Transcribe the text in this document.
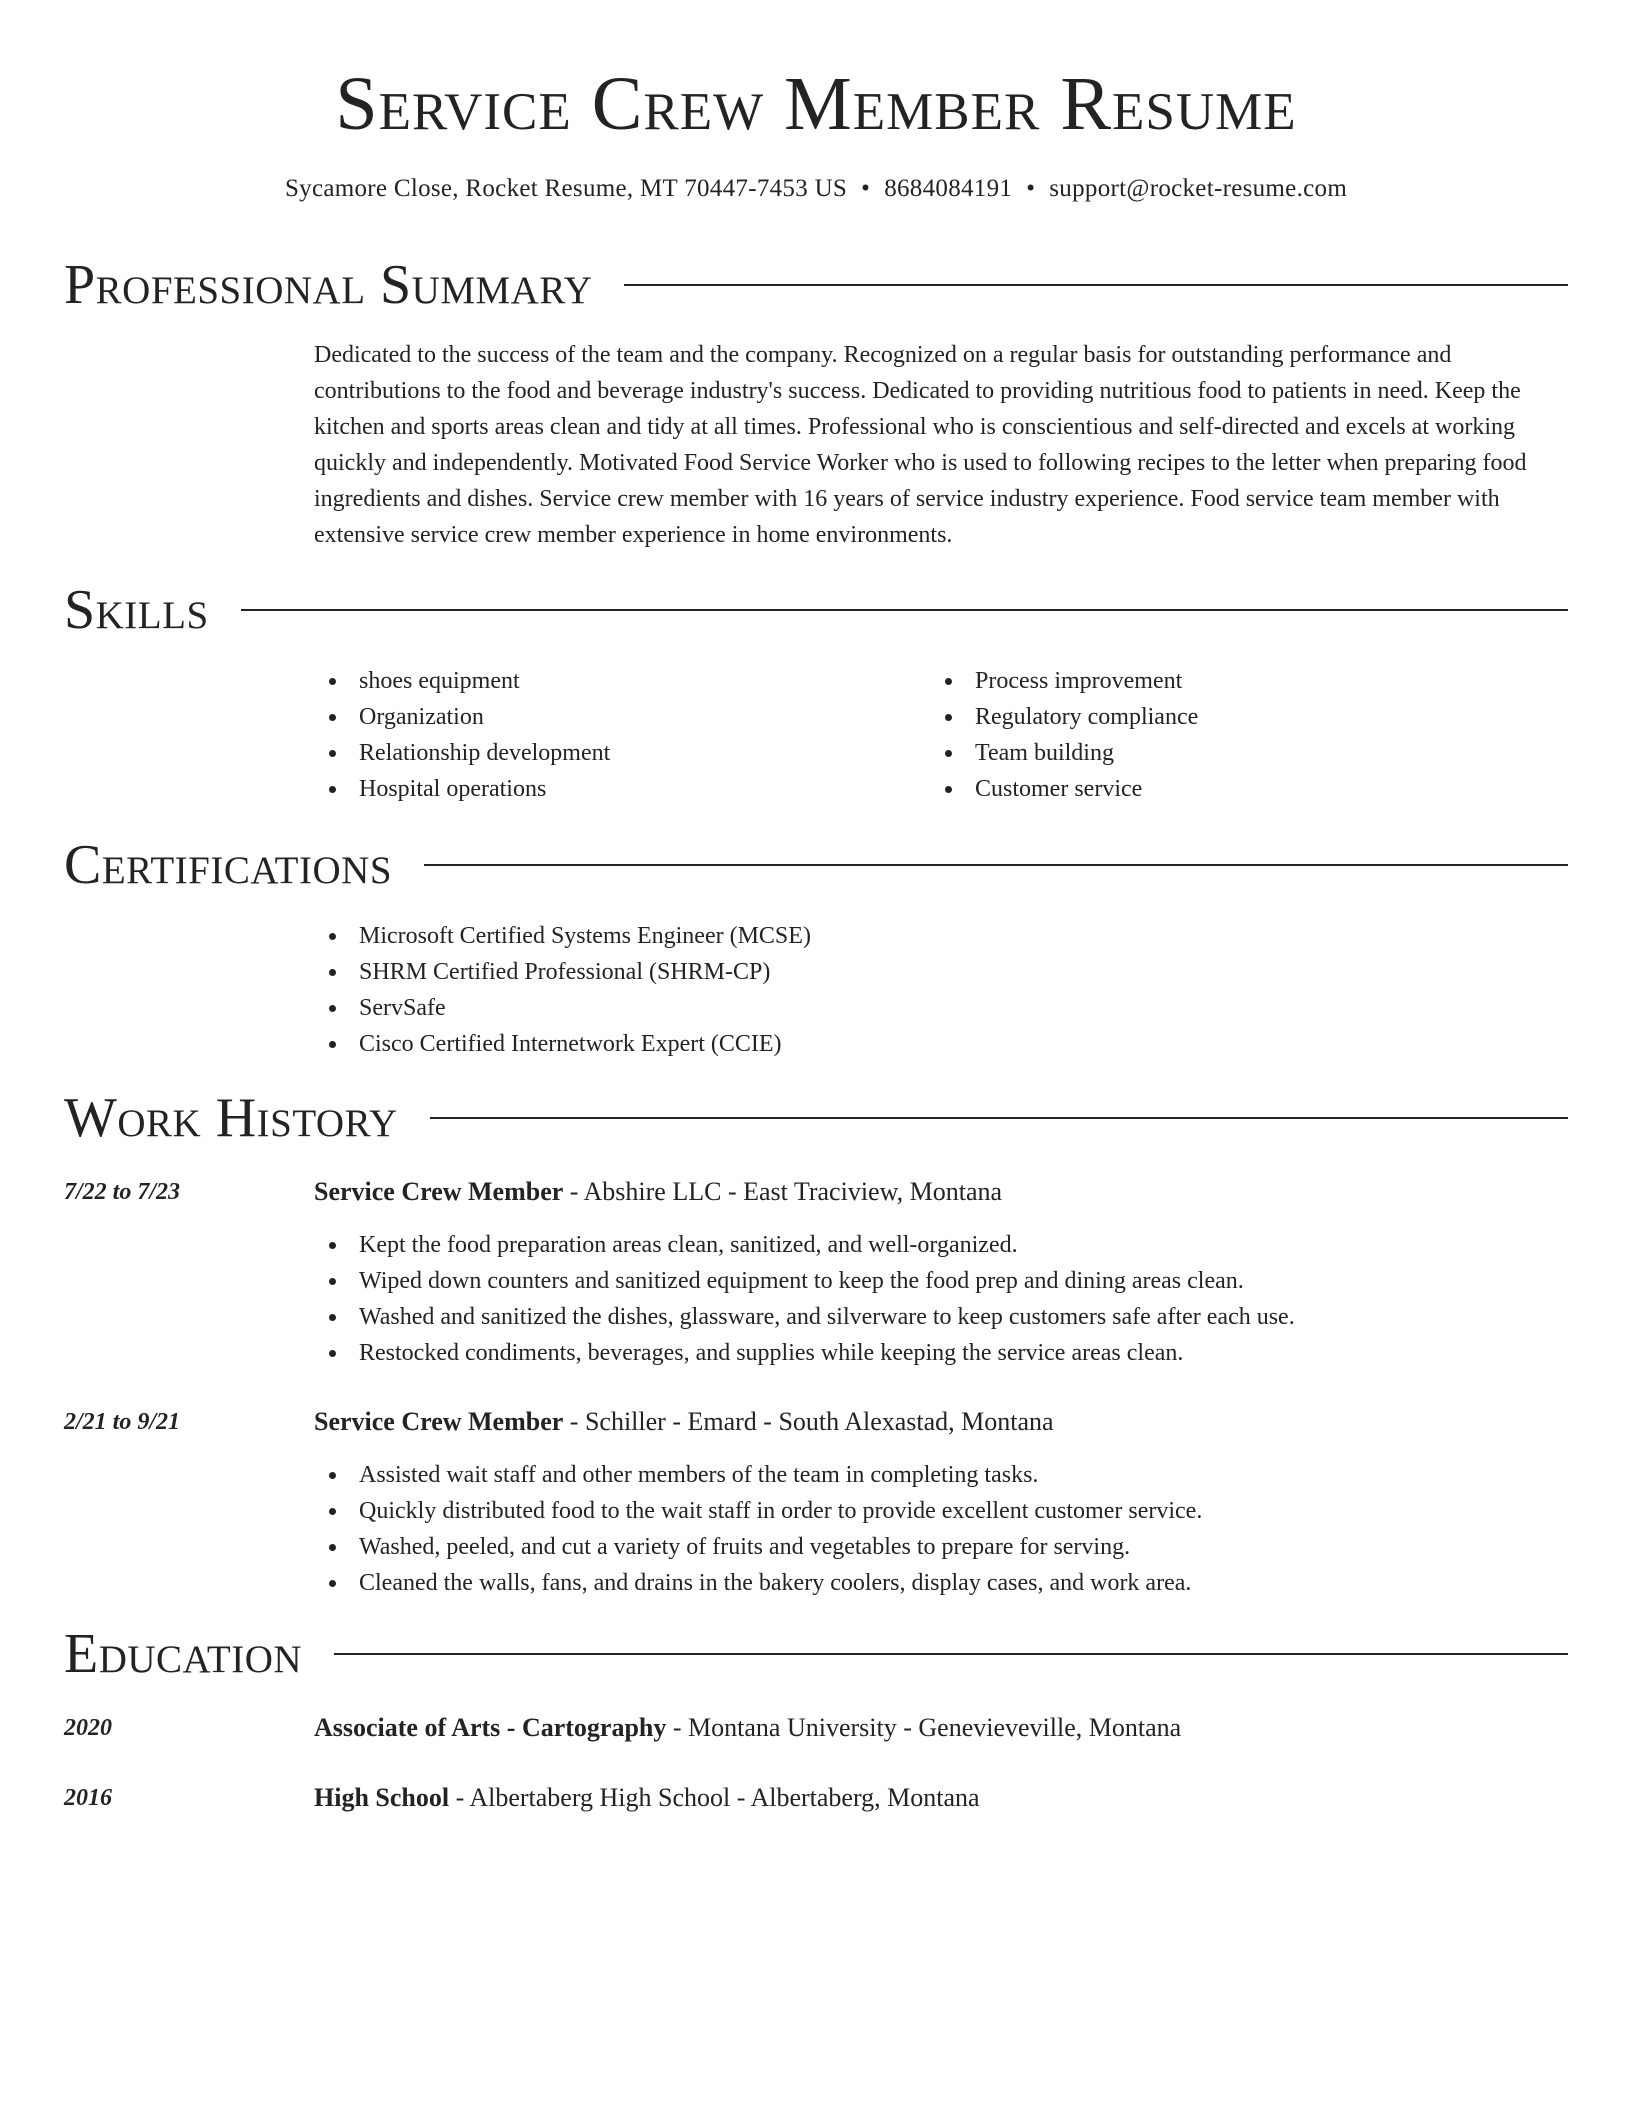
Service Crew Member Resume
Sycamore Close, Rocket Resume, MT 70447-7453 US • 8684084191 • support@rocket-resume.com
Professional Summary

Dedicated to the success of the team and the company. Recognized on a regular basis for outstanding performance and contributions to the food and beverage industry's success. Dedicated to providing nutritious food to patients in need. Keep the kitchen and sports areas clean and tidy at all times. Professional who is conscientious and self-directed and excels at working quickly and independently. Motivated Food Service Worker who is used to following recipes to the letter when preparing food ingredients and dishes. Service crew member with 16 years of service industry experience. Food service team member with extensive service crew member experience in home environments.

Skills
shoes equipment
Organization
Relationship development
Hospital operations
Process improvement
Regulatory compliance
Team building
Customer service
Certifications
Microsoft Certified Systems Engineer (MCSE)
SHRM Certified Professional (SHRM-CP)
ServSafe
Cisco Certified Internetwork Expert (CCIE)
Work History
7/22 to 7/23	Service Crew Member - Abshire LLC - East Traciview, Montana
Kept the food preparation areas clean, sanitized, and well-organized.
Wiped down counters and sanitized equipment to keep the food prep and dining areas clean.
Washed and sanitized the dishes, glassware, and silverware to keep customers safe after each use.
Restocked condiments, beverages, and supplies while keeping the service areas clean.
2/21 to 9/21	Service Crew Member - Schiller - Emard - South Alexastad, Montana
Assisted wait staff and other members of the team in completing tasks.
Quickly distributed food to the wait staff in order to provide excellent customer service.
Washed, peeled, and cut a variety of fruits and vegetables to prepare for serving.
Cleaned the walls, fans, and drains in the bakery coolers, display cases, and work area.
Education
2020	Associate of Arts - Cartography - Montana University - Genevieveville, Montana
2016	High School - Albertaberg High School - Albertaberg, Montana
